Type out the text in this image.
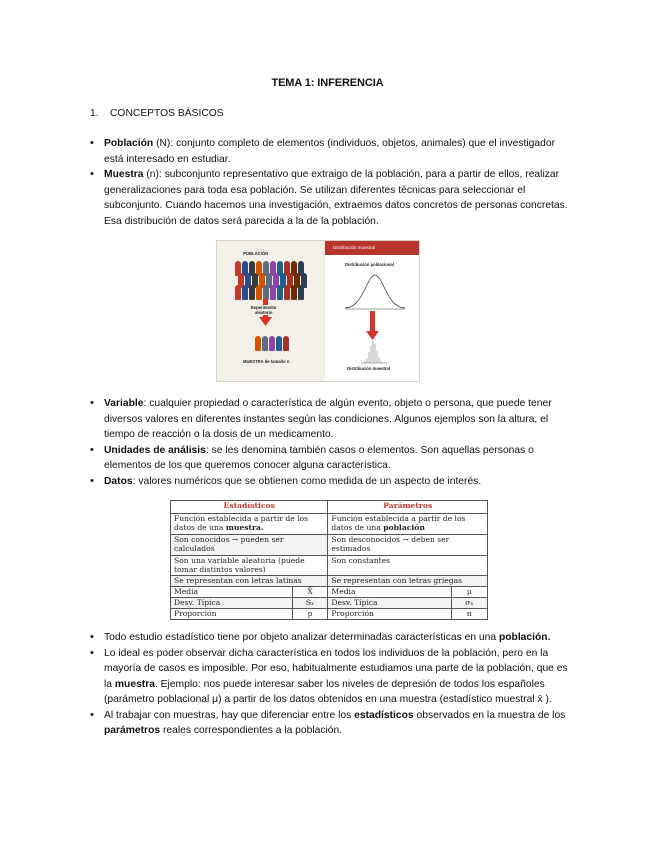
TEMA 1: INFERENCIA
1. CONCEPTOS BÁSICOS
• Población (N): conjunto completo de elementos (individuos, objetos, animales) que el investigador está interesado en estudiar.
• Muestra (n): subconjunto representativo que extraigo de la población, para a partir de ellos, realizar generalizaciones para toda esa población. Se utilizan diferentes técnicas para seleccionar el subconjunto. Cuando hacemos una investigación, extraemos datos concretos de personas concretas. Esa distribución de datos será parecida a la de la población.
POBLACIÓN
Experimento
aleatorio
MUESTRA de tamaño n
Distribución muestral
Distribución poblacional
Distribución muestral
• Variable: cualquier propiedad o característica de algún evento, objeto o persona, que puede tener diversos valores en diferentes instantes según las condiciones. Algunos ejemplos son la altura, el tiempo de reacción o la dosis de un medicamento.
• Unidades de análisis: se les denomina también casos o elementos. Son aquellas personas o elementos de los que queremos conocer alguna característica.
• Datos: valores numéricos que se obtienen como medida de un aspecto de interés.
Estadísticos		Parámetros	
Función establecida a partir de los datos de una muestra.		Función establecida a partir de los datos de una población	
Son conocidos → pueden ser calculados		Son desconocidos → deben ser estimados	
Son una variable aleatoria (puede tomar distintos valores)		Son constantes	
Se representan con letras latinas		Se representan con letras griegas	
Media	X̄	Media	μ
Desv. Típica	Sₓ	Desv. Típica	σₓ
Proporción	p	Proporción	π
• Todo estudio estadístico tiene por objeto analizar determinadas características en una población.
• Lo ideal es poder observar dicha característica en todos los individuos de la población, pero en la mayoría de casos es imposible. Por eso, habitualmente estudiamos una parte de la población, que es la muestra. Ejemplo: nos puede interesar saber los niveles de depresión de todos los españoles (parámetro poblacional μ) a partir de los datos obtenidos en una muestra (estadístico muestral x̄ ).
• Al trabajar con muestras, hay que diferenciar entre los estadísticos observados en la muestra de los parámetros reales correspondientes a la población.
